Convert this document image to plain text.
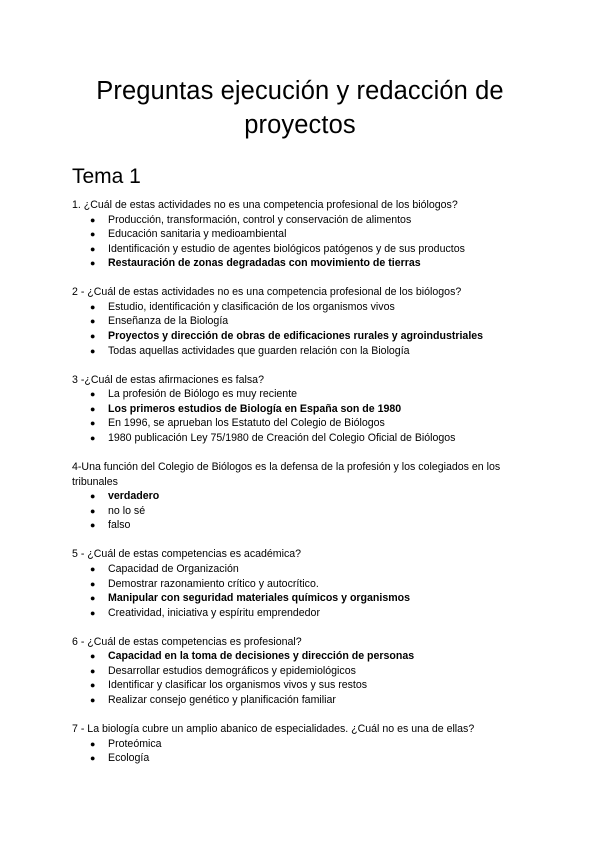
Preguntas ejecución y redacción de
proyectos
Tema 1

1. ¿Cuál de estas actividades no es una competencia profesional de los biólogos?

● Producción, transformación, control y conservación de alimentos
● Educación sanitaria y medioambiental
● Identificación y estudio de agentes biológicos patógenos y de sus productos
● Restauración de zonas degradadas con movimiento de tierras

2 - ¿Cuál de estas actividades no es una competencia profesional de los biólogos?

● Estudio, identificación y clasificación de los organismos vivos
● Enseñanza de la Biología
● Proyectos y dirección de obras de edificaciones rurales y agroindustriales
● Todas aquellas actividades que guarden relación con la Biología

3 -¿Cuál de estas afirmaciones es falsa?

● La profesión de Biólogo es muy reciente
● Los primeros estudios de Biología en España son de 1980
● En 1996, se aprueban los Estatuto del Colegio de Biólogos
● 1980 publicación Ley 75/1980 de Creación del Colegio Oficial de Biólogos

4-Una función del Colegio de Biólogos es la defensa de la profesión y los colegiados en los tribunales

● verdadero
● no lo sé
● falso

5 - ¿Cuál de estas competencias es académica?

● Capacidad de Organización
● Demostrar razonamiento crítico y autocrítico.
● Manipular con seguridad materiales químicos y organismos
● Creatividad, iniciativa y espíritu emprendedor

6 - ¿Cuál de estas competencias es profesional?

● Capacidad en la toma de decisiones y dirección de personas
● Desarrollar estudios demográficos y epidemiológicos
● Identificar y clasificar los organismos vivos y sus restos
● Realizar consejo genético y planificación familiar

7 - La biología cubre un amplio abanico de especialidades. ¿Cuál no es una de ellas?

● Proteómica
● Ecología
